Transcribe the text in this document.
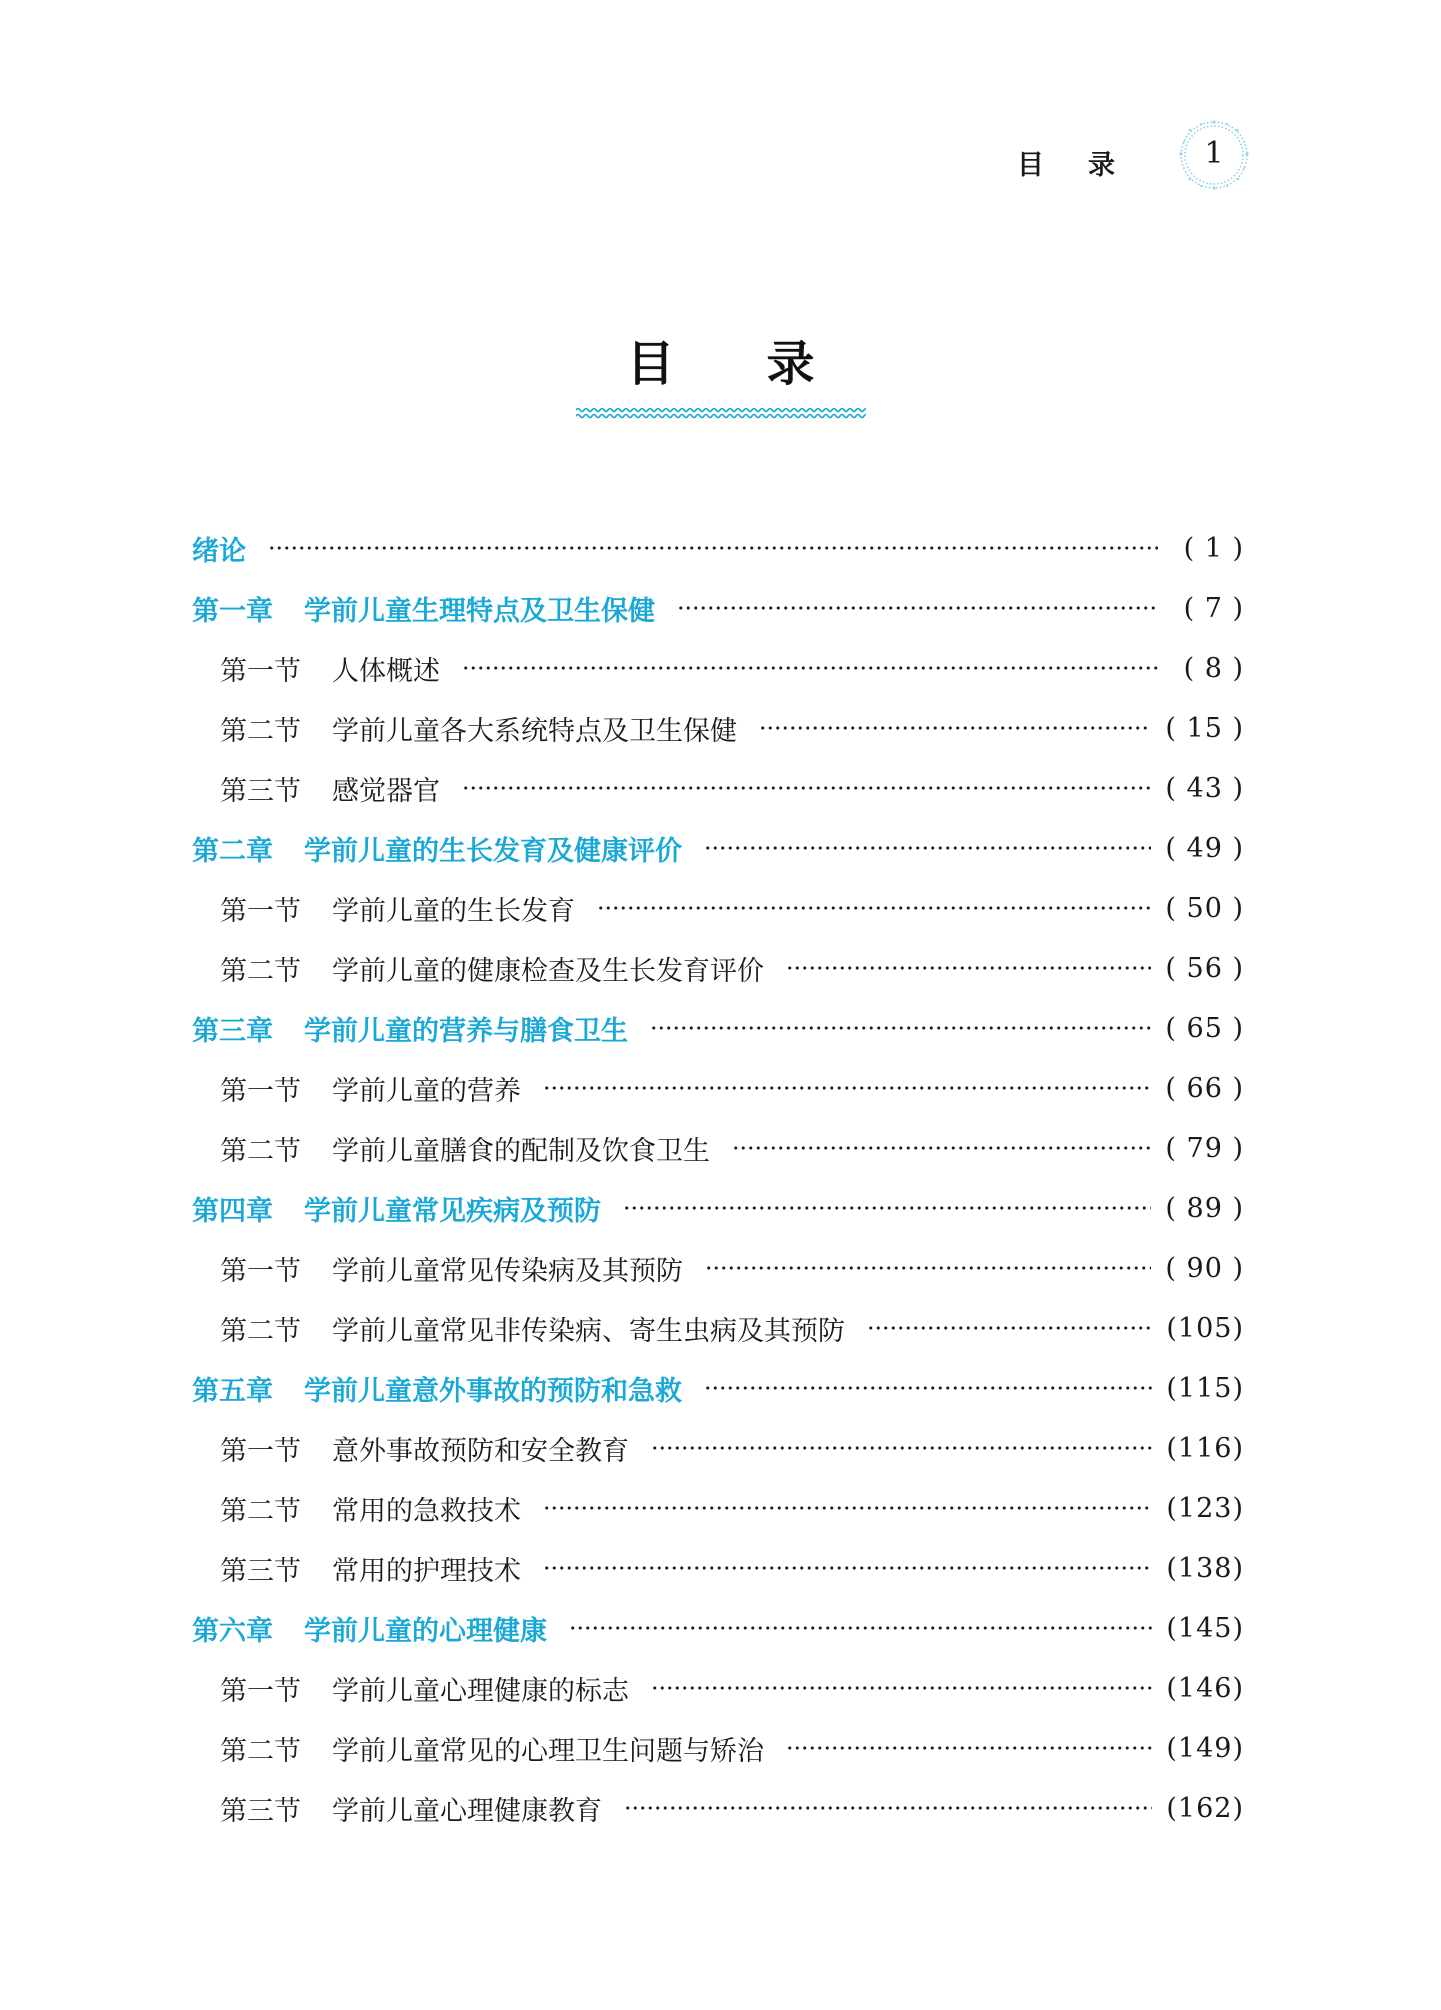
目录	1
目录
绪论	( 1 )
第一章 学前儿童生理特点及卫生保健	( 7 )
第一节 人体概述	( 8 )
第二节 学前儿童各大系统特点及卫生保健	( 15 )
第三节 感觉器官	( 43 )
第二章 学前儿童的生长发育及健康评价	( 49 )
第一节 学前儿童的生长发育	( 50 )
第二节 学前儿童的健康检查及生长发育评价	( 56 )
第三章 学前儿童的营养与膳食卫生	( 65 )
第一节 学前儿童的营养	( 66 )
第二节 学前儿童膳食的配制及饮食卫生	( 79 )
第四章 学前儿童常见疾病及预防	( 89 )
第一节 学前儿童常见传染病及其预防	( 90 )
第二节 学前儿童常见非传染病、寄生虫病及其预防	(105)
第五章 学前儿童意外事故的预防和急救	(115)
第一节 意外事故预防和安全教育	(116)
第二节 常用的急救技术	(123)
第三节 常用的护理技术	(138)
第六章 学前儿童的心理健康	(145)
第一节 学前儿童心理健康的标志	(146)
第二节 学前儿童常见的心理卫生问题与矫治	(149)
第三节 学前儿童心理健康教育	(162)
